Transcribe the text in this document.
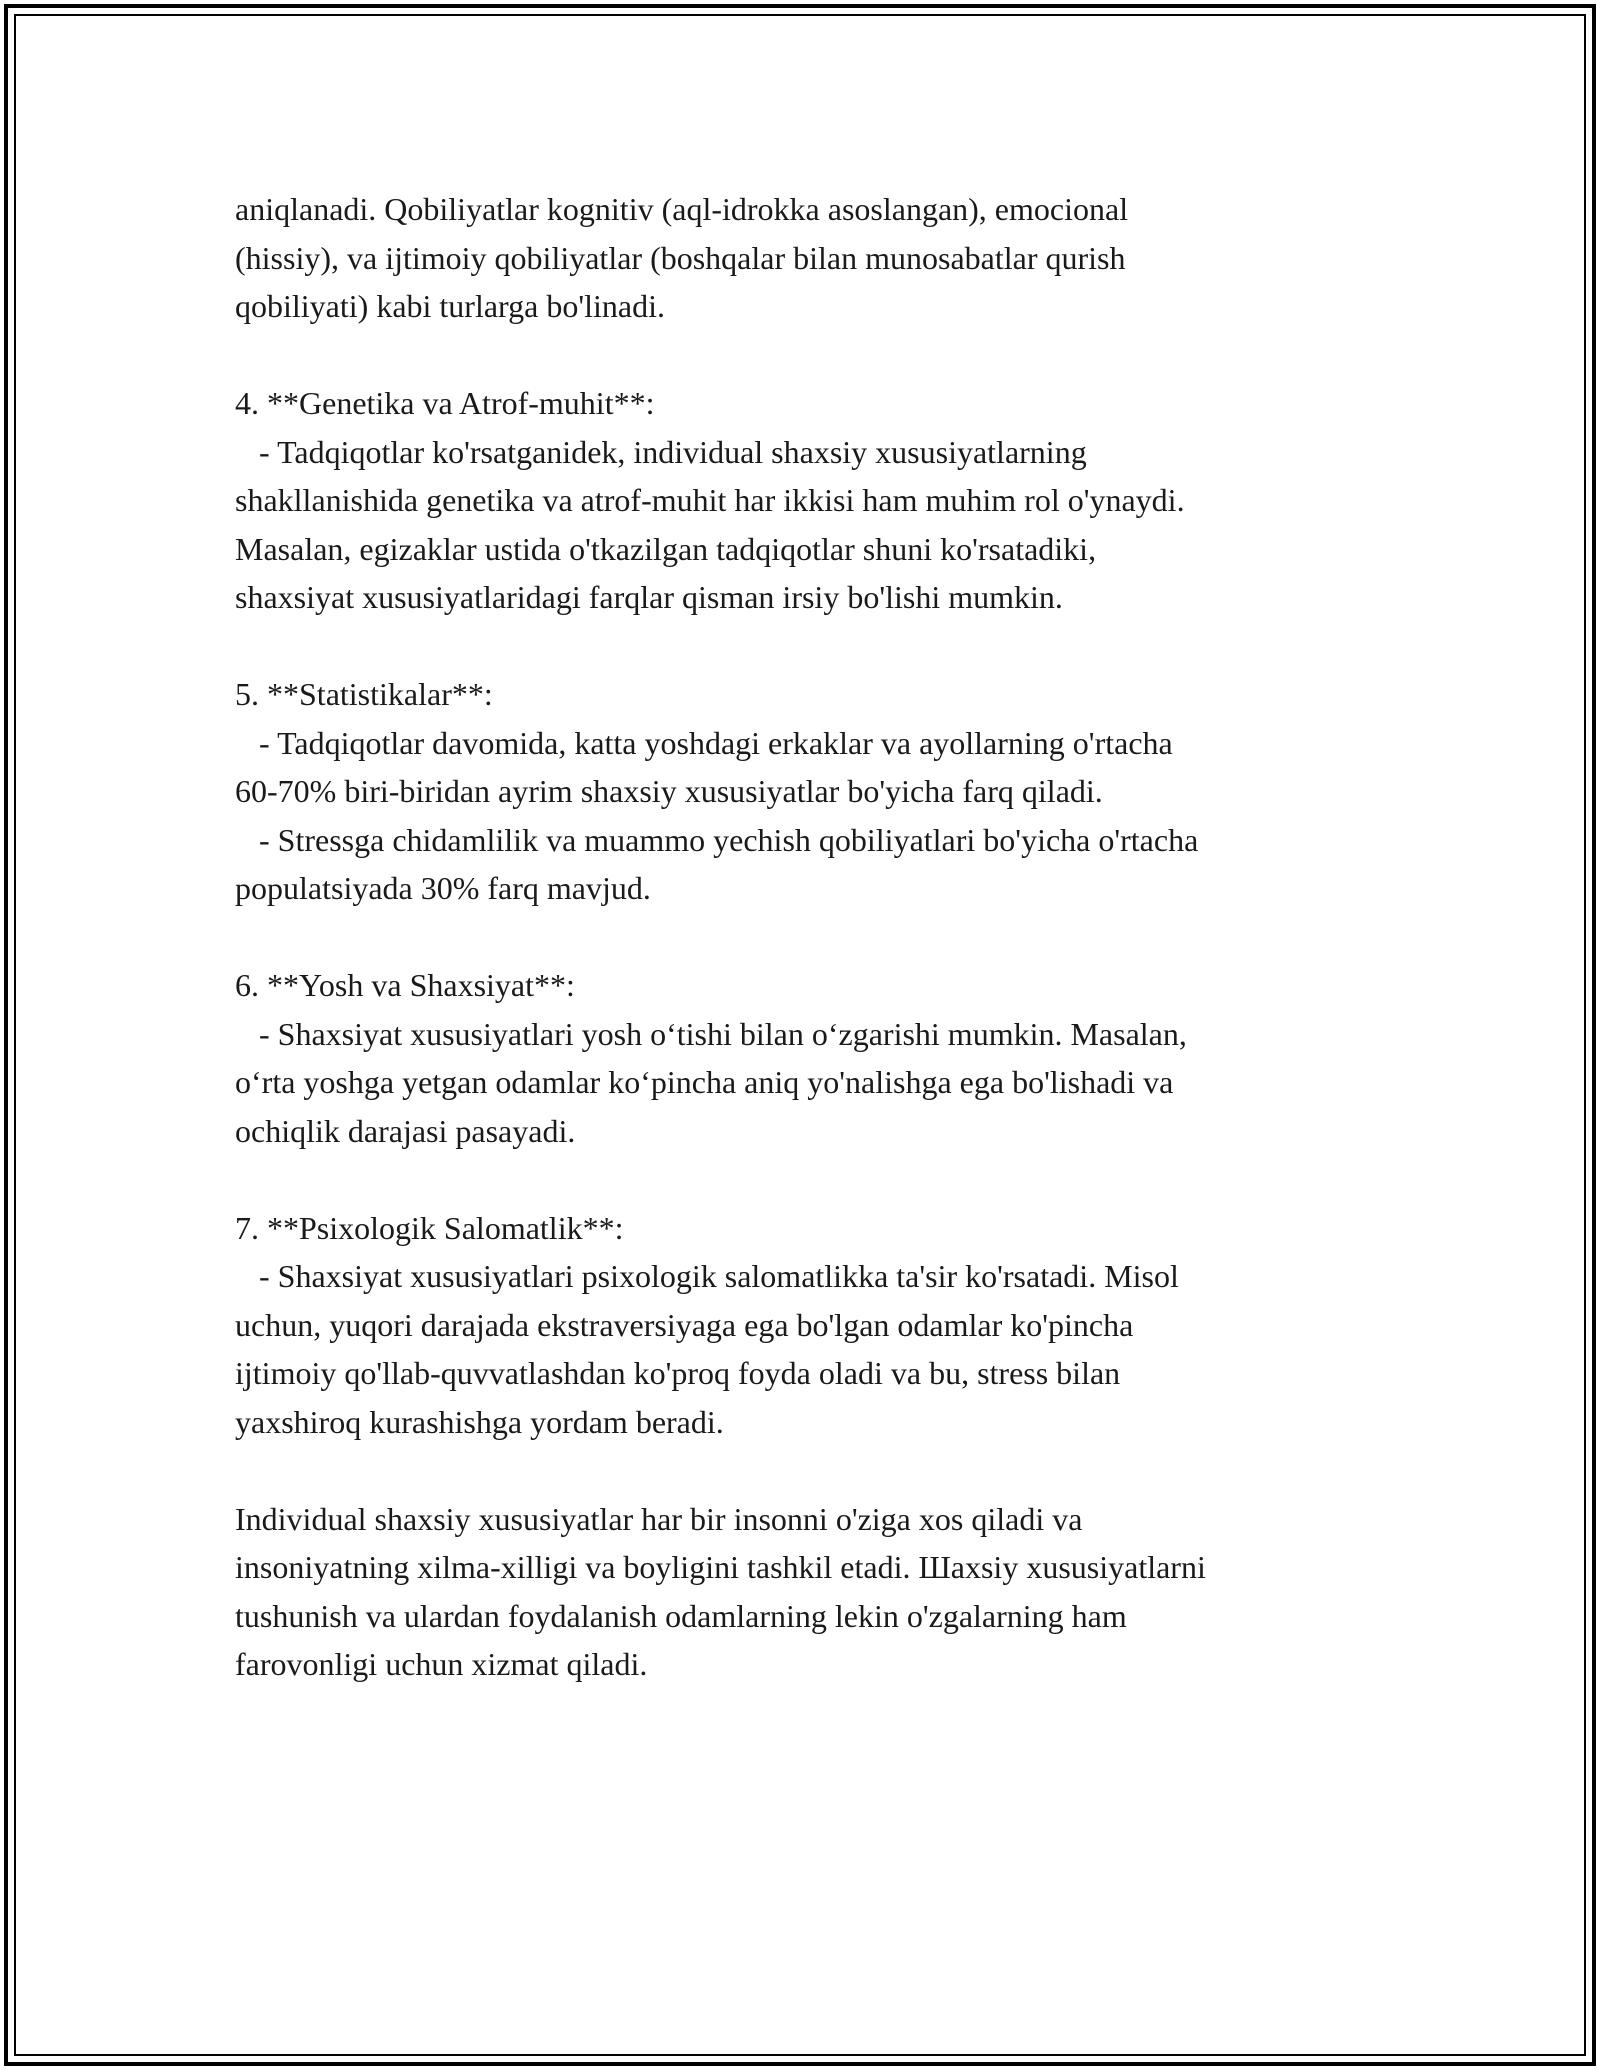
aniqlanadi. Qobiliyatlar kognitiv (aql-idrokka asoslangan), emocional
(hissiy), va ijtimoiy qobiliyatlar (boshqalar bilan munosabatlar qurish
qobiliyati) kabi turlarga bo'linadi.
4. **Genetika va Atrof-muhit**:
- Tadqiqotlar ko'rsatganidek, individual shaxsiy xususiyatlarning
shakllanishida genetika va atrof-muhit har ikkisi ham muhim rol o'ynaydi.
Masalan, egizaklar ustida o'tkazilgan tadqiqotlar shuni ko'rsatadiki,
shaxsiyat xususiyatlaridagi farqlar qisman irsiy bo'lishi mumkin.
5. **Statistikalar**:
- Tadqiqotlar davomida, katta yoshdagi erkaklar va ayollarning o'rtacha
60-70% biri-biridan ayrim shaxsiy xususiyatlar bo'yicha farq qiladi.
- Stressga chidamlilik va muammo yechish qobiliyatlari bo'yicha o'rtacha
populatsiyada 30% farq mavjud.
6. **Yosh va Shaxsiyat**:
- Shaxsiyat xususiyatlari yosh o‘tishi bilan o‘zgarishi mumkin. Masalan,
o‘rta yoshga yetgan odamlar ko‘pincha aniq yo'nalishga ega bo'lishadi va
ochiqlik darajasi pasayadi.
7. **Psixologik Salomatlik**:
- Shaxsiyat xususiyatlari psixologik salomatlikka ta'sir ko'rsatadi. Misol
uchun, yuqori darajada ekstraversiyaga ega bo'lgan odamlar ko'pincha
ijtimoiy qo'llab-quvvatlashdan ko'proq foyda oladi va bu, stress bilan
yaxshiroq kurashishga yordam beradi.
Individual shaxsiy xususiyatlar har bir insonni o'ziga xos qiladi va
insoniyatning xilma-xilligi va boyligini tashkil etadi. Шaxsiy xususiyatlarni
tushunish va ulardan foydalanish odamlarning lekin o'zgalarning ham
farovonligi uchun xizmat qiladi.
